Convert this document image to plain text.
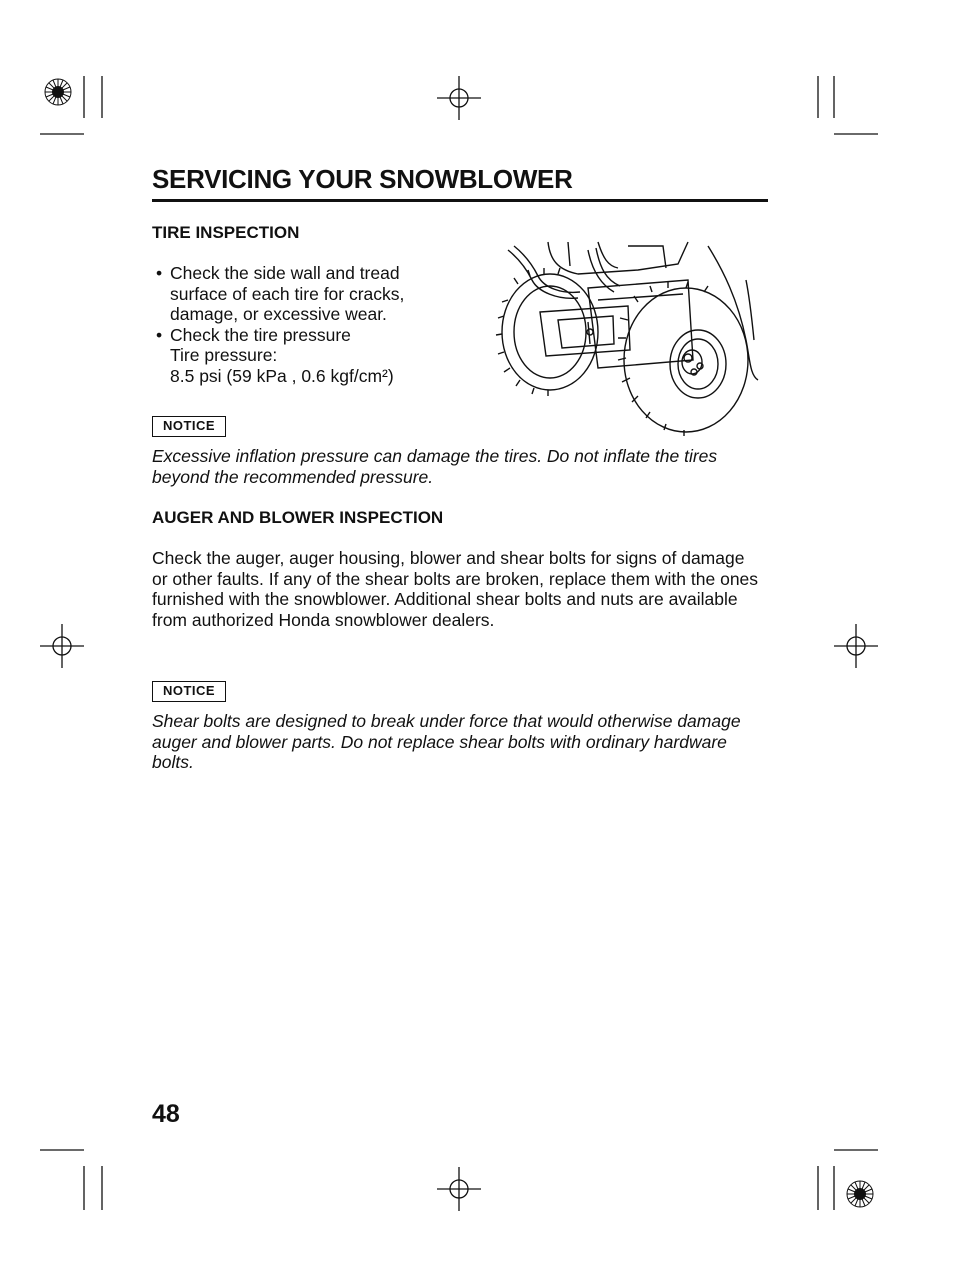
SERVICING YOUR SNOWBLOWER
TIRE INSPECTION
• Check the side wall and tread surface of each tire for cracks, damage, or excessive wear.
• Check the tire pressure
Tire pressure:
8.5 psi (59 kPa , 0.6 kgf/cm²)
NOTICE
Excessive inflation pressure can damage the tires. Do not inflate the tires beyond the recommended pressure.
AUGER AND BLOWER INSPECTION
Check the auger, auger housing, blower and shear bolts for signs of damage or other faults. If any of the shear bolts are broken, replace them with the ones furnished with the snowblower. Additional shear bolts and nuts are available from authorized Honda snowblower dealers.
NOTICE
Shear bolts are designed to break under force that would otherwise damage auger and blower parts. Do not replace shear bolts with ordinary hardware bolts.
48
